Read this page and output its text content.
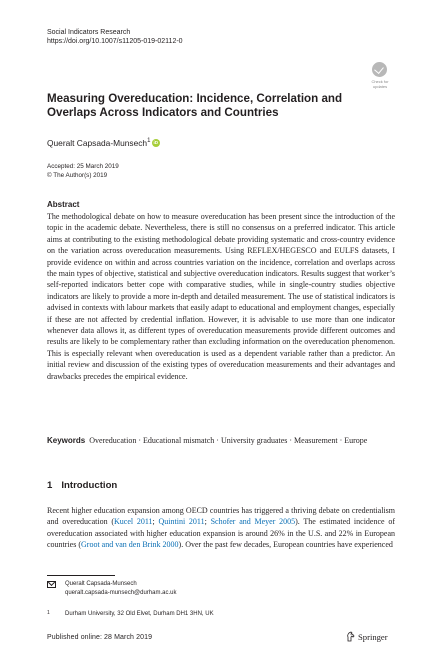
Social Indicators Research
https://doi.org/10.1007/s11205-019-02112-0
Check for
updates
Measuring Overeducation: Incidence, Correlation and Overlaps Across Indicators and Countries
Queralt Capsada-Munsech$^1$iD
Accepted: 25 March 2019
© The Author(s) 2019
Abstract
The methodological debate on how to measure overeducation has been present since the introduction of the topic in the academic debate. Nevertheless, there is still no consensus on a preferred indicator. This article aims at contributing to the existing methodological debate providing systematic and cross-country evidence on the variation across overeducation measurements. Using REFLEX/HEGESCO and EULFS datasets, I provide evidence on within and across countries variation on the incidence, correlation and overlaps across the main types of objective, statistical and subjective overeducation indicators. Results suggest that worker’s self-reported indicators better cope with comparative studies, while in single-country studies objective indicators are likely to provide a more in-depth and detailed measurement. The use of statistical indicators is advised in contexts with labour markets that easily adapt to educational and employment changes, especially if these are not affected by credential inflation. However, it is advisable to use more than one indicator whenever data allows it, as different types of overeducation measurements provide different outcomes and results are likely to be complementary rather than excluding information on the overeducation phenomenon. This is especially relevant when overeducation is used as a dependent variable rather than a predictor. An initial review and discussion of the existing types of overeducation measurements and their advantages and drawbacks precedes the empirical evidence.
Keywords Overeducation · Educational mismatch · University graduates · Measurement · Europe
1 Introduction
Recent higher education expansion among OECD countries has triggered a thriving debate on credentialism and overeducation (Kucel 2011; Quintini 2011; Schofer and Meyer 2005). The estimated incidence of overeducation associated with higher education expansion is around 26% in the U.S. and 22% in European countries (Groot and van den Brink 2000). Over the past few decades, European countries have experienced
Queralt Capsada-Munsech
queralt.capsada-munsech@durham.ac.uk
1	Durham University, 32 Old Elvet, Durham DH1 3HN, UK
Published online: 28 March 2019	Springer
